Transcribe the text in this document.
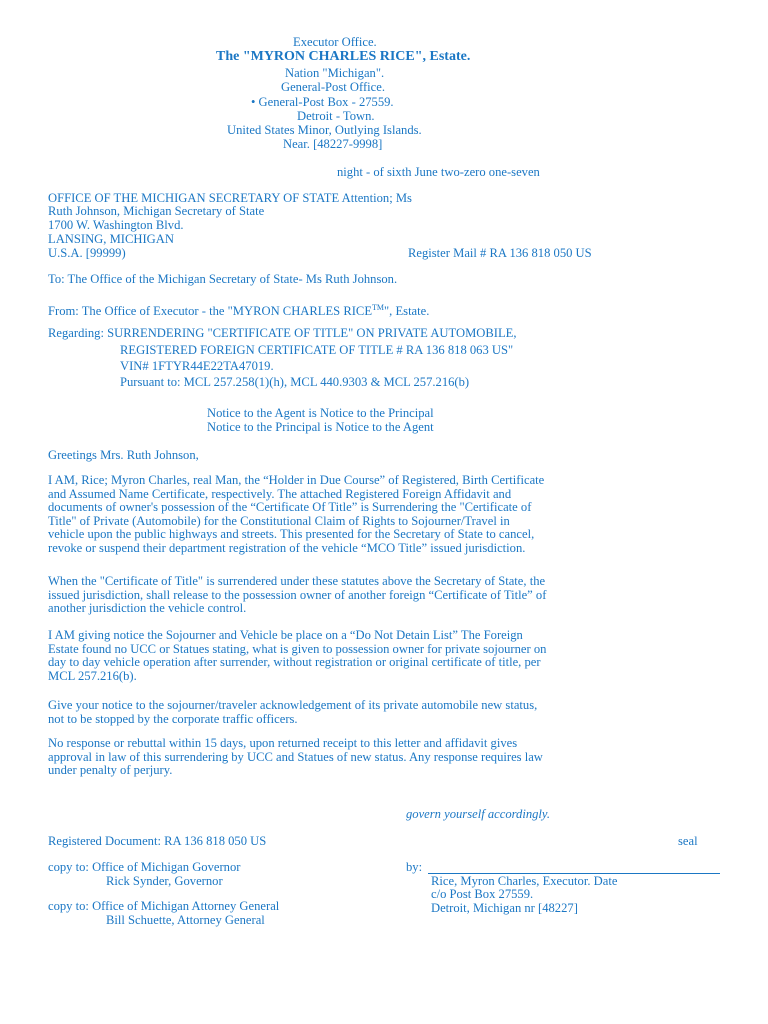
Executor Office.
The "MYRON CHARLES RICE", Estate.
Nation "Michigan".
General-Post Office.
• General-Post Box - 27559.
Detroit - Town.
United States Minor, Outlying Islands.
Near. [48227-9998]
night - of sixth June two-zero one-seven
OFFICE OF THE MICHIGAN SECRETARY OF STATE Attention; Ms
Ruth Johnson, Michigan Secretary of State
1700 W. Washington Blvd.
LANSING, MICHIGAN
U.S.A. [99999)	Register Mail # RA 136 818 050 US
To: The Office of the Michigan Secretary of State- Ms Ruth Johnson.
From: The Office of Executor - the "MYRON CHARLES RICE™", Estate.
Regarding: SURRENDERING "CERTIFICATE OF TITLE" ON PRIVATE AUTOMOBILE,
REGISTERED FOREIGN CERTIFICATE OF TITLE # RA 136 818 063 US"
VIN# 1FTYR44E22TA47019.
Pursuant to: MCL 257.258(1)(h), MCL 440.9303 & MCL 257.216(b)
Notice to the Agent is Notice to the Principal
Notice to the Principal is Notice to the Agent
Greetings Mrs. Ruth Johnson,
I AM, Rice; Myron Charles, real Man, the “Holder in Due Course” of Registered, Birth Certificate
and Assumed Name Certificate, respectively. The attached Registered Foreign Affidavit and
documents of owner's possession of the “Certificate Of Title” is Surrendering the "Certificate of
Title" of Private (Automobile) for the Constitutional Claim of Rights to Sojourner/Travel in
vehicle upon the public highways and streets. This presented for the Secretary of State to cancel,
revoke or suspend their department registration of the vehicle “MCO Title” issued jurisdiction.
When the "Certificate of Title" is surrendered under these statutes above the Secretary of State, the
issued jurisdiction, shall release to the possession owner of another foreign “Certificate of Title” of
another jurisdiction the vehicle control.
I AM giving notice the Sojourner and Vehicle be place on a “Do Not Detain List” The Foreign
Estate found no UCC or Statues stating, what is given to possession owner for private sojourner on
day to day vehicle operation after surrender, without registration or original certificate of title, per
MCL 257.216(b).
Give your notice to the sojourner/traveler acknowledgement of its private automobile new status,
not to be stopped by the corporate traffic officers.
No response or rebuttal within 15 days, upon returned receipt to this letter and affidavit gives
approval in law of this surrendering by UCC and Statues of new status. Any response requires law
under penalty of perjury.
govern yourself accordingly.
Registered Document: RA 136 818 050 US	seal
copy to: Office of Michigan Governor
Rick Synder, Governor
copy to: Office of Michigan Attorney General
Bill Schuette, Attorney General
by:
Rice, Myron Charles, Executor. Date
c/o Post Box 27559.
Detroit, Michigan nr [48227]
